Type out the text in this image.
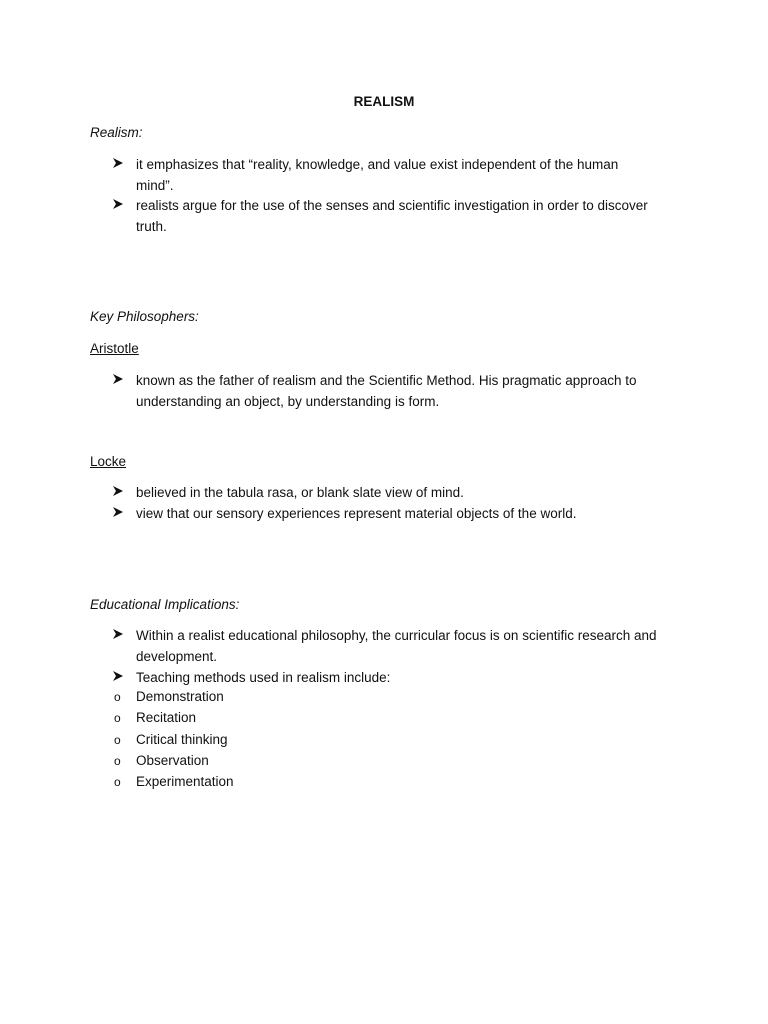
REALISM
Realism:
it emphasizes that “reality, knowledge, and value exist independent of the human mind”.
realists argue for the use of the senses and scientific investigation in order to discover truth.
Key Philosophers:
Aristotle
known as the father of realism and the Scientific Method. His pragmatic approach to understanding an object, by understanding is form.
Locke
believed in the tabula rasa, or blank slate view of mind.
view that our sensory experiences represent material objects of the world.
Educational Implications:
Within a realist educational philosophy, the curricular focus is on scientific research and development.
Teaching methods used in realism include:
o Demonstration
o Recitation
o Critical thinking
o Observation
o Experimentation
